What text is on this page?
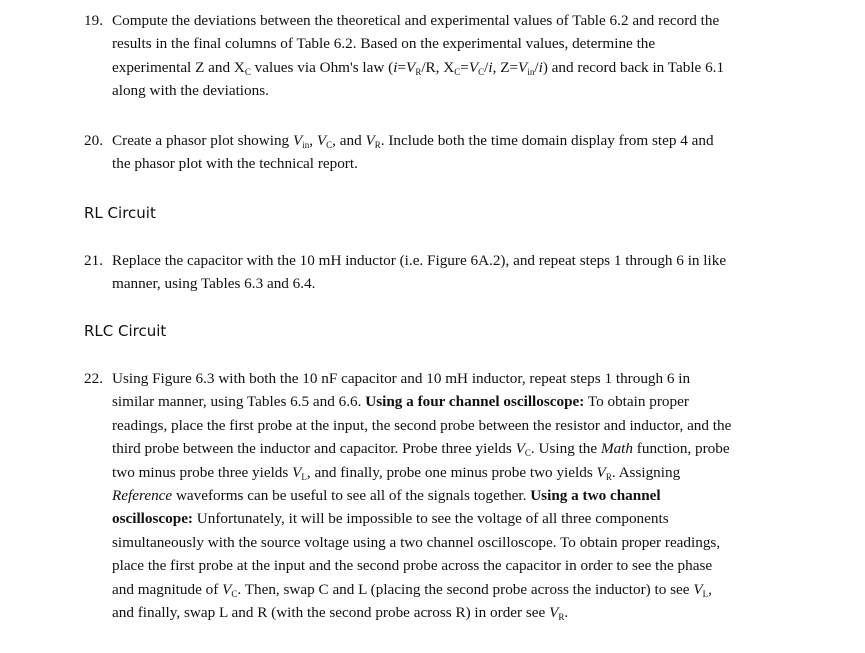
19. Compute the deviations between the theoretical and experimental values of Table 6.2 and record the
results in the final columns of Table 6.2. Based on the experimental values, determine the
experimental Z and $X_C$ values via Ohm's law ($i=V_R/R$, $X_C=V_C/i$, $Z=V_{in}/i$) and record back in Table 6.1
along with the deviations.
20. Create a phasor plot showing $V_{in}$, $V_C$, and $V_R$. Include both the time domain display from step 4 and
the phasor plot with the technical report.
RL Circuit
21. Replace the capacitor with the 10 mH inductor (i.e. Figure 6A.2), and repeat steps 1 through 6 in like
manner, using Tables 6.3 and 6.4.
RLC Circuit
22. Using Figure 6.3 with both the 10 nF capacitor and 10 mH inductor, repeat steps 1 through 6 in
similar manner, using Tables 6.5 and 6.6. Using a four channel oscilloscope: To obtain proper
readings, place the first probe at the input, the second probe between the resistor and inductor, and the
third probe between the inductor and capacitor. Probe three yields $V_C$. Using the Math function, probe
two minus probe three yields $V_L$, and finally, probe one minus probe two yields $V_R$. Assigning
Reference waveforms can be useful to see all of the signals together. Using a two channel
oscilloscope: Unfortunately, it will be impossible to see the voltage of all three components
simultaneously with the source voltage using a two channel oscilloscope. To obtain proper readings,
place the first probe at the input and the second probe across the capacitor in order to see the phase
and magnitude of $V_C$. Then, swap C and L (placing the second probe across the inductor) to see $V_L$,
and finally, swap L and R (with the second probe across R) in order see $V_R$.
